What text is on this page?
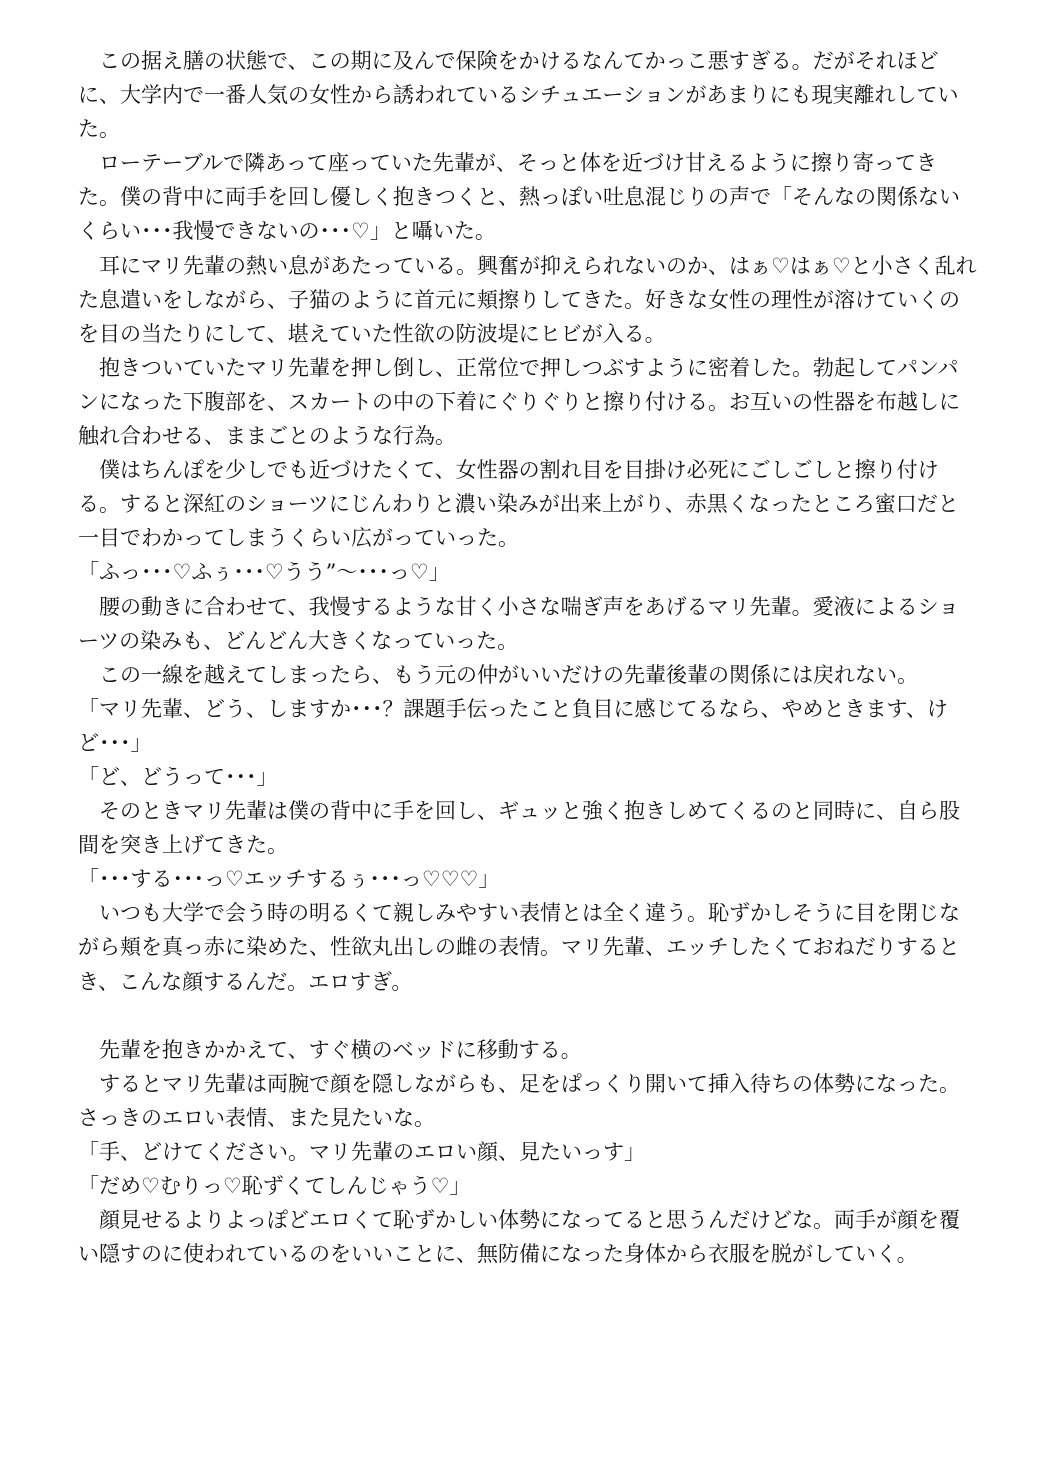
　この据え膳の状態で、この期に及んで保険をかけるなんてかっこ悪すぎる。だがそれほどに、大学内で一番人気の女性から誘われているシチュエーションがあまりにも現実離れしていた。

　ローテーブルで隣あって座っていた先輩が、そっと体を近づけ甘えるように擦り寄ってきた。僕の背中に両手を回し優しく抱きつくと、熱っぽい吐息混じりの声で「そんなの関係ないくらい･･･我慢できないの･･･♡」と囁いた。

　耳にマリ先輩の熱い息があたっている。興奮が抑えられないのか、はぁ♡はぁ♡と小さく乱れた息遣いをしながら、子猫のように首元に頬擦りしてきた。好きな女性の理性が溶けていくのを目の当たりにして、堪えていた性欲の防波堤にヒビが入る。

　抱きついていたマリ先輩を押し倒し、正常位で押しつぶすように密着した。勃起してパンパンになった下腹部を、スカートの中の下着にぐりぐりと擦り付ける。お互いの性器を布越しに触れ合わせる、ままごとのような行為。

　僕はちんぽを少しでも近づけたくて、女性器の割れ目を目掛け必死にごしごしと擦り付ける。すると深紅のショーツにじんわりと濃い染みが出来上がり、赤黒くなったところ蜜口だと一目でわかってしまうくらい広がっていった。

「ふっ･･･♡ふぅ･･･♡うう”〜･･･っ♡」

　腰の動きに合わせて、我慢するような甘く小さな喘ぎ声をあげるマリ先輩。愛液によるショーツの染みも、どんどん大きくなっていった。

　この一線を越えてしまったら、もう元の仲がいいだけの先輩後輩の関係には戻れない。

「マリ先輩、どう、しますか･･･？課題手伝ったこと負目に感じてるなら、やめときます、けど･･･」

「ど、どうって･･･」

　そのときマリ先輩は僕の背中に手を回し、ギュッと強く抱きしめてくるのと同時に、自ら股間を突き上げてきた。

「･･･する･･･っ♡エッチするぅ･･･っ♡♡♡」

　いつも大学で会う時の明るくて親しみやすい表情とは全く違う。恥ずかしそうに目を閉じながら頬を真っ赤に染めた、性欲丸出しの雌の表情。マリ先輩、エッチしたくておねだりするとき、こんな顔するんだ。エロすぎ。

　先輩を抱きかかえて、すぐ横のベッドに移動する。

　するとマリ先輩は両腕で顔を隠しながらも、足をぱっくり開いて挿入待ちの体勢になった。さっきのエロい表情、また見たいな。

「手、どけてください。マリ先輩のエロい顔、見たいっす」

「だめ♡むりっ♡恥ずくてしんじゃう♡」

　顔見せるよりよっぽどエロくて恥ずかしい体勢になってると思うんだけどな。両手が顔を覆い隠すのに使われているのをいいことに、無防備になった身体から衣服を脱がしていく。
